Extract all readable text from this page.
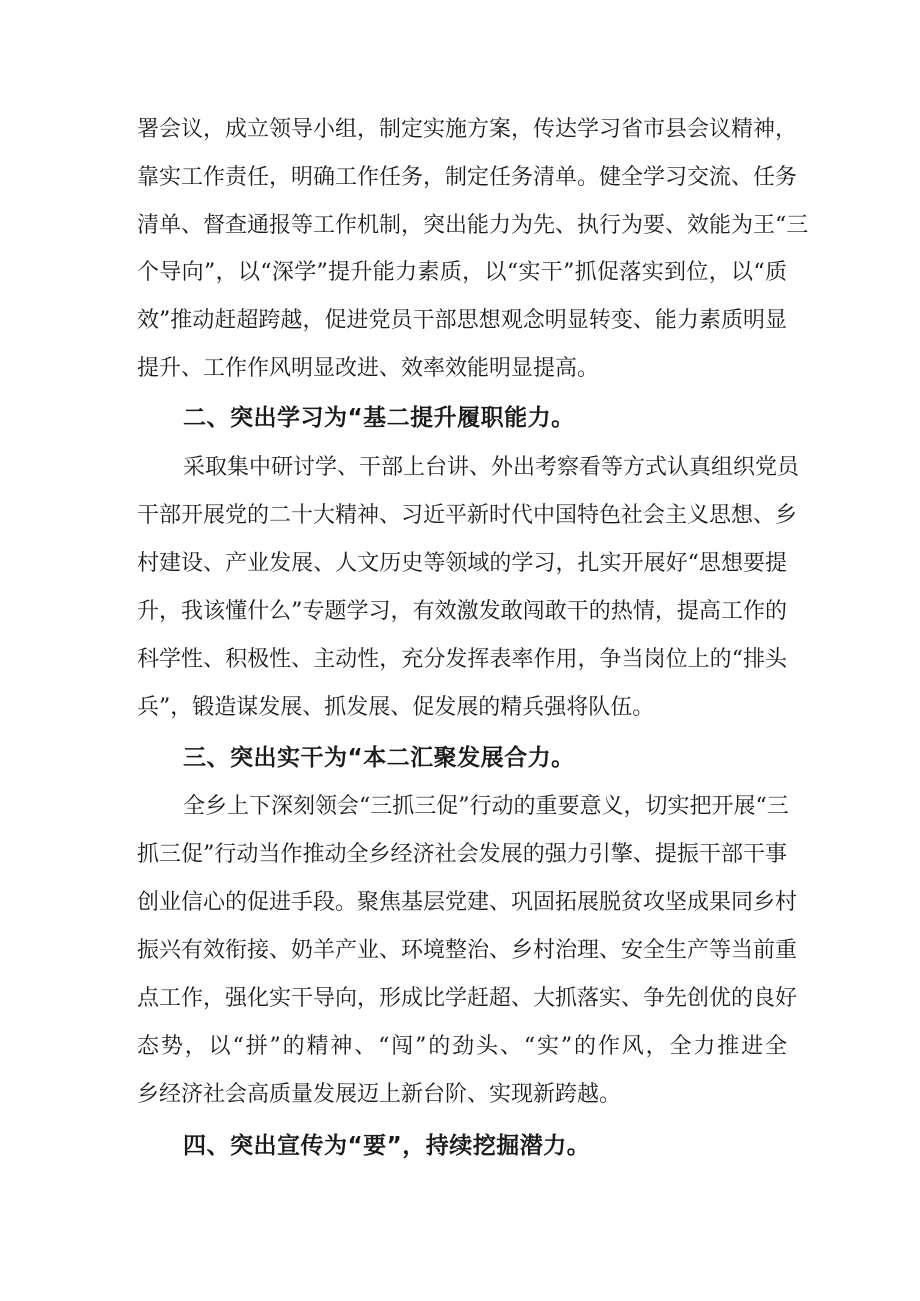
署会议，成立领导小组，制定实施方案，传达学习省市县会议精神，
靠实工作责任，明确工作任务，制定任务清单。健全学习交流、任务
清单、督查通报等工作机制，突出能力为先、执行为要、效能为王“三
个导向”，以“深学”提升能力素质，以“实干”抓促落实到位，以“质
效”推动赶超跨越，促进党员干部思想观念明显转变、能力素质明显
提升、工作作风明显改进、效率效能明显提高。
二、突出学习为“基二提升履职能力。
采取集中研讨学、干部上台讲、外出考察看等方式认真组织党员
干部开展党的二十大精神、习近平新时代中国特色社会主义思想、乡
村建设、产业发展、人文历史等领域的学习，扎实开展好“思想要提
升，我该懂什么”专题学习，有效激发敢闯敢干的热情，提高工作的
科学性、积极性、主动性，充分发挥表率作用，争当岗位上的“排头
兵”，锻造谋发展、抓发展、促发展的精兵强将队伍。
三、突出实干为“本二汇聚发展合力。
全乡上下深刻领会“三抓三促”行动的重要意义，切实把开展“三
抓三促”行动当作推动全乡经济社会发展的强力引擎、提振干部干事
创业信心的促进手段。聚焦基层党建、巩固拓展脱贫攻坚成果同乡村
振兴有效衔接、奶羊产业、环境整治、乡村治理、安全生产等当前重
点工作，强化实干导向，形成比学赶超、大抓落实、争先创优的良好
态势，以“拼”的精神、“闯”的劲头、“实”的作风，全力推进全
乡经济社会高质量发展迈上新台阶、实现新跨越。
四、突出宣传为“要”，持续挖掘潜力。
